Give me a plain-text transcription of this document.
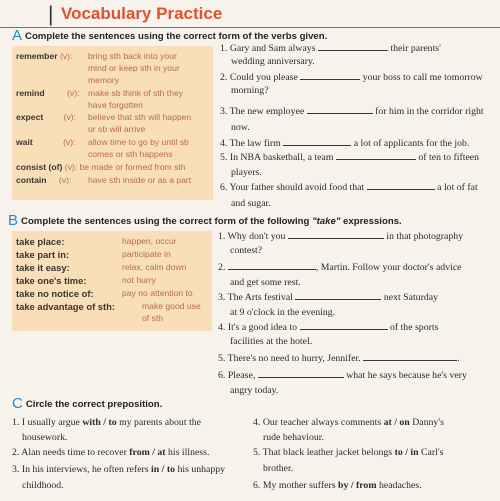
| Vocabulary Practice
A Complete the sentences using the correct form of the verbs given.
remember (v): bring sth back into your
mind or keep sth in your
memory
remind	(v): make sb think of sth they
have forgotten
expect (v): believe that sth will happen
or sb will arrive
wait	(v): allow time to go by until sb
comes or sth happens
consist (of) (v): be made or formed from sth
contain (v): have sth inside or as a part
1. Gary and Sam always	their parents'
wedding anniversary.
2. Could you please	your boss to call me tomorrow
morning?
3. The new employee	for him in the corridor right
now.
4. The law firm	a lot of applicants for the job.
5. In NBA basketball, a team	of ten to fifteen
players.
6. Your father should avoid food that	a lot of fat
and sugar.
B Complete the sentences using the correct form of the following "take" expressions.
take place:	happen, occur
take part in:	participate in
take it easy:	relax, calm down
take one's time:	not hurry
take no notice of:	pay no attention to
take advantage of sth:	make good use
of sth
1. Why don't you	in that photography
contest?
2.	, Martin. Follow your doctor's advice
and get some rest.
3. The Arts festival	next Saturday
at 9 o'clock in the evening.
4. It's a good idea to	of the sports
facilities at the hotel.
5. There's no need to hurry, Jennifer.	.
6. Please,	what he says because he's very
angry today.
C Circle the correct preposition.
1. I usually argue with / to my parents about the
housework.
2. Alan needs time to recover from / at his illness.
3. In his interviews, he often refers in / to his unhappy
childhood.
4. Our teacher always comments at / on Danny's
rude behaviour.
5. That black leather jacket belongs to / in Carl's
brother.
6. My mother suffers by / from headaches.
